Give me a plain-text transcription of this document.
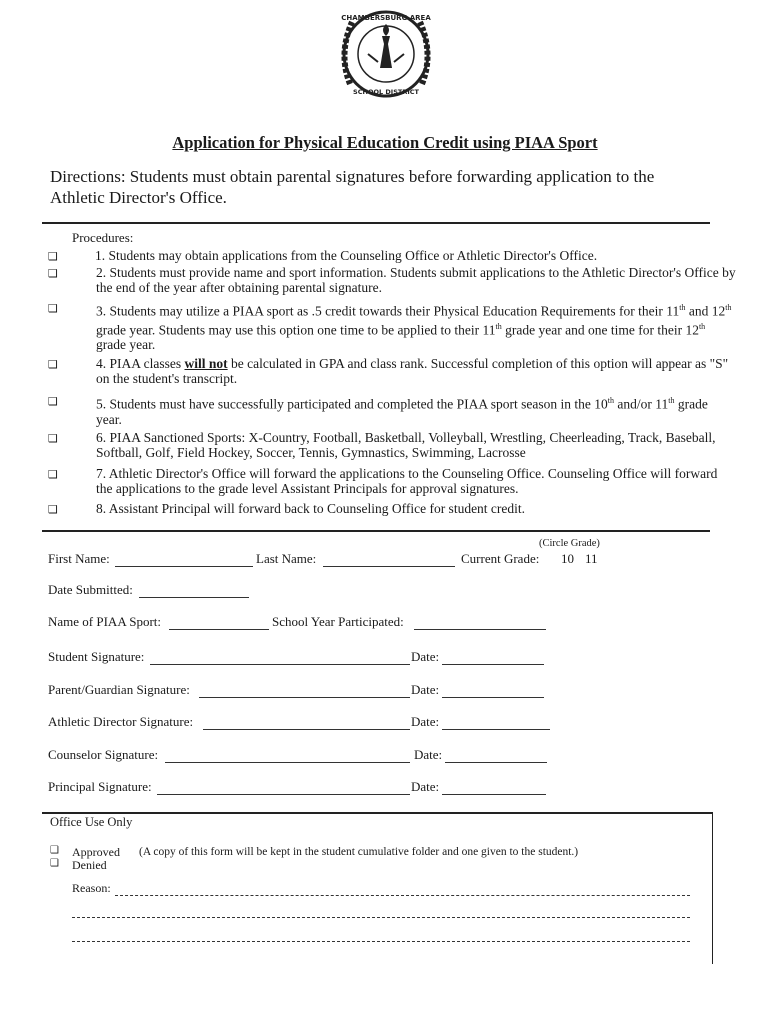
CHAMBERSBURG AREA
SCHOOL DISTRICT
Application for Physical Education Credit using PIAA Sport
Directions: Students must obtain parental signatures before forwarding application to the Athletic Director's Office.
Procedures:
❑	1. Students may obtain applications from the Counseling Office or Athletic Director's Office.
❑	2. Students must provide name and sport information. Students submit applications to the Athletic Director's Office by the end of the year after obtaining parental signature.
❑	3. Students may utilize a PIAA sport as .5 credit towards their Physical Education Requirements for their 11th and 12th grade year. Students may use this option one time to be applied to their 11th grade year and one time for their 12th grade year.
❑	4. PIAA classes will not be calculated in GPA and class rank. Successful completion of this option will appear as "S" on the student's transcript.
❑	5. Students must have successfully participated and completed the PIAA sport season in the 10th and/or 11th grade year.
❑	6. PIAA Sanctioned Sports: X-Country, Football, Basketball, Volleyball, Wrestling, Cheerleading, Track, Baseball, Softball, Golf, Field Hockey, Soccer, Tennis, Gymnastics, Swimming, Lacrosse
❑	7. Athletic Director's Office will forward the applications to the Counseling Office. Counseling Office will forward the applications to the grade level Assistant Principals for approval signatures.
❑	8. Assistant Principal will forward back to Counseling Office for student credit.
(Circle Grade)
First Name:	Last Name:	Current Grade: 10 11
Date Submitted:
Name of PIAA Sport:	School Year Participated:
Student Signature:	Date:
Parent/Guardian Signature:	Date:
Athletic Director Signature:	Date:
Counselor Signature:	Date:
Principal Signature:	Date:
Office Use Only
❑ Approved (A copy of this form will be kept in the student cumulative folder and one given to the student.)
❑ Denied
Reason:
